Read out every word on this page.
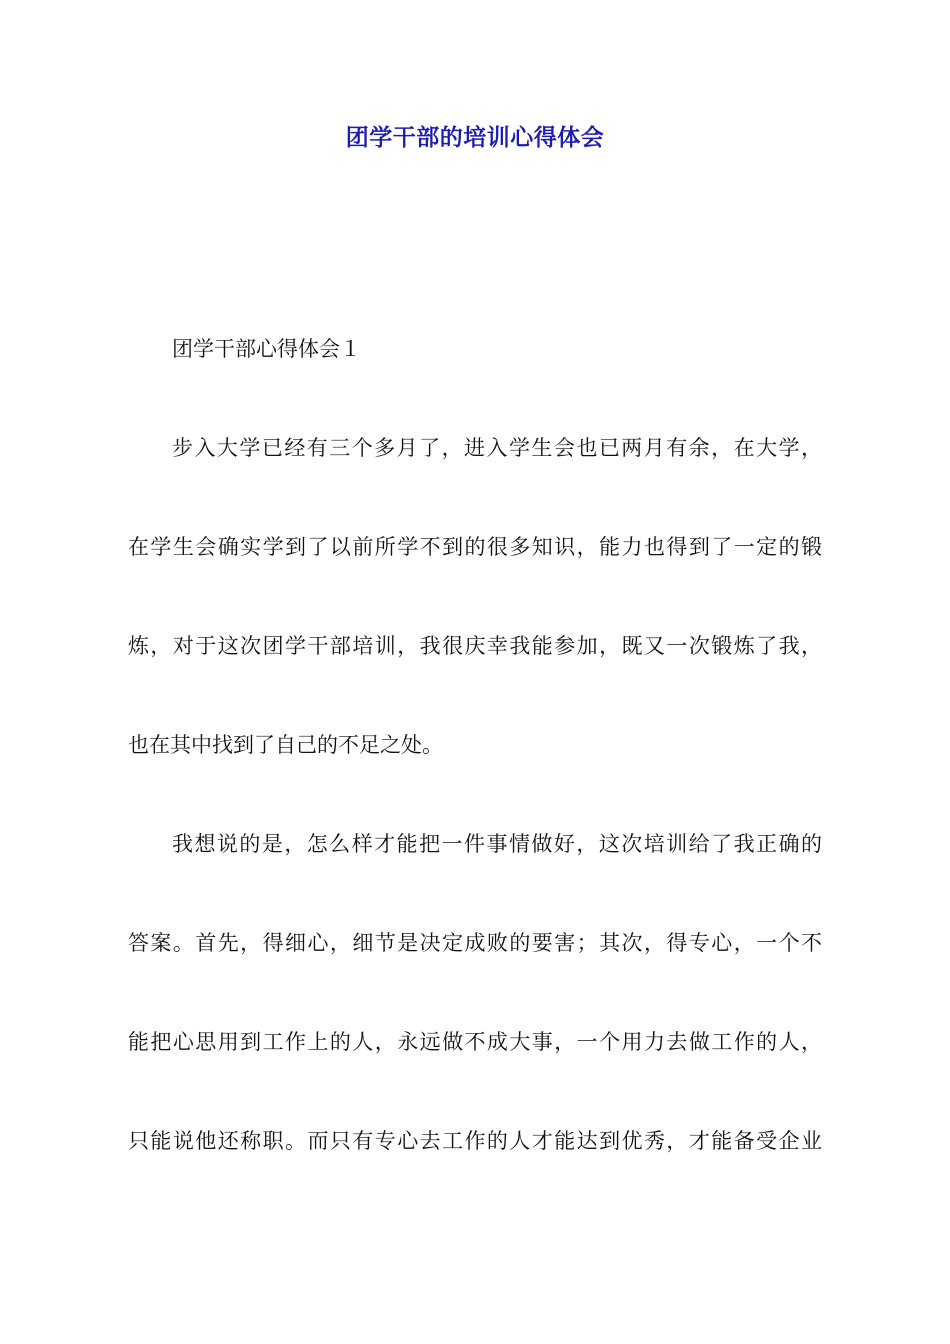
团学干部的培训心得体会
团学干部心得体会１
步入大学已经有三个多月了，进入学生会也已两月有余，在大学，
在学生会确实学到了以前所学不到的很多知识，能力也得到了一定的锻
炼，对于这次团学干部培训，我很庆幸我能参加，既又一次锻炼了我，
也在其中找到了自己的不足之处。
我想说的是，怎么样才能把一件事情做好，这次培训给了我正确的
答案。首先，得细心，细节是决定成败的要害；其次，得专心，一个不
能把心思用到工作上的人，永远做不成大事，一个用力去做工作的人，
只能说他还称职。而只有专心去工作的人才能达到优秀，才能备受企业
